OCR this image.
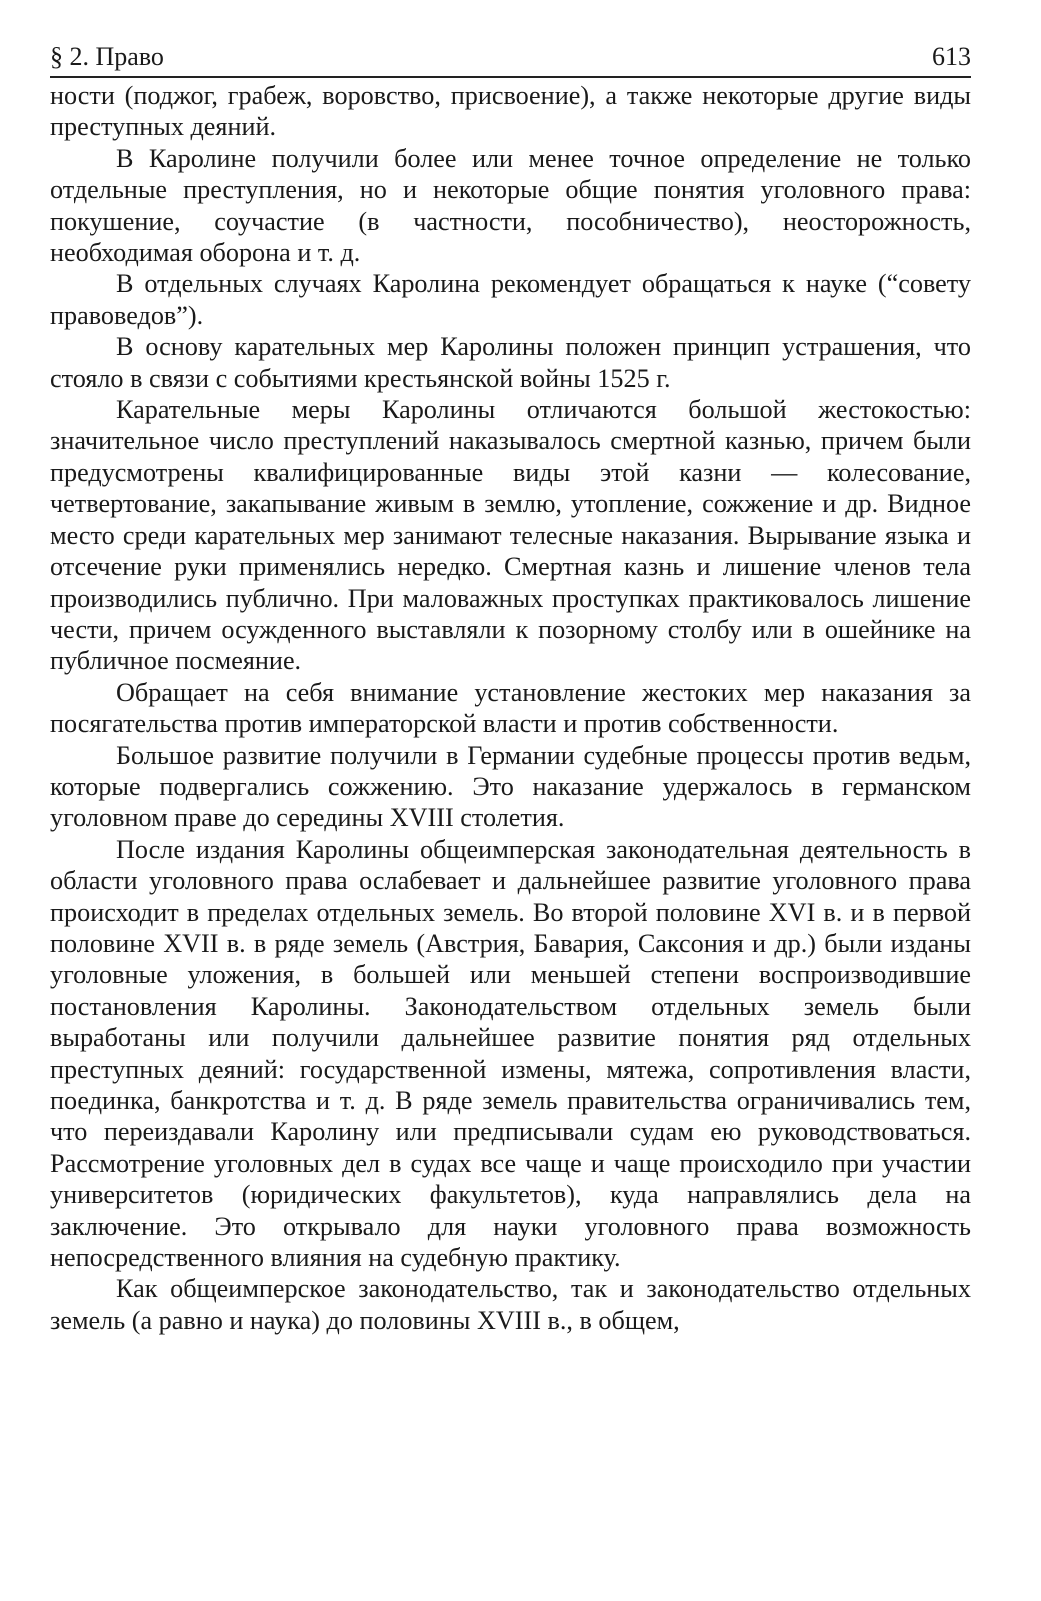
§ 2. Право	613

ности (поджог, грабеж, воровство, присвоение), а также некоторые другие виды преступных деяний.

В Каролине получили более или менее точное определение не только отдельные преступления, но и некоторые общие понятия уголовного права: покушение, соучастие (в частности, пособничество), неосторожность, необходимая оборона и т. д.

В отдельных случаях Каролина рекомендует обращаться к науке (“совету правоведов”).

В основу карательных мер Каролины положен принцип устрашения, что стояло в связи с событиями крестьянской войны 1525 г.

Карательные меры Каролины отличаются большой жестокостью: значительное число преступлений наказывалось смертной казнью, причем были предусмотрены квалифицированные виды этой казни — колесование, четвертование, закапывание живым в землю, утопление, сожжение и др. Видное место среди карательных мер занимают телесные наказания. Вырывание языка и отсечение руки применялись нередко. Смертная казнь и лишение членов тела производились публично. При маловажных проступках практиковалось лишение чести, причем осужденного выставляли к позорному столбу или в ошейнике на публичное посмеяние.

Обращает на себя внимание установление жестоких мер наказания за посягательства против императорской власти и против собственности.

Большое развитие получили в Германии судебные процессы против ведьм, которые подвергались сожжению. Это наказание удержалось в германском уголовном праве до середины XVIII столетия.

После издания Каролины общеимперская законодательная деятельность в области уголовного права ослабевает и дальнейшее развитие уголовного права происходит в пределах отдельных земель. Во второй половине XVI в. и в первой половине XVII в. в ряде земель (Австрия, Бавария, Саксония и др.) были изданы уголовные уложения, в большей или меньшей степени воспроизводившие постановления Каролины. Законодательством отдельных земель были выработаны или получили дальнейшее развитие понятия ряд отдельных преступных деяний: государственной измены, мятежа, сопротивления власти, поединка, банкротства и т. д. В ряде земель правительства ограничивались тем, что переиздавали Каролину или предписывали судам ею руководствоваться. Рассмотрение уголовных дел в судах все чаще и чаще происходило при участии университетов (юридических факультетов), куда направлялись дела на заключение. Это открывало для науки уголовного права возможность непосредственного влияния на судебную практику.

Как общеимперское законодательство, так и законодательство отдельных земель (а равно и наука) до половины XVIII в., в общем,
